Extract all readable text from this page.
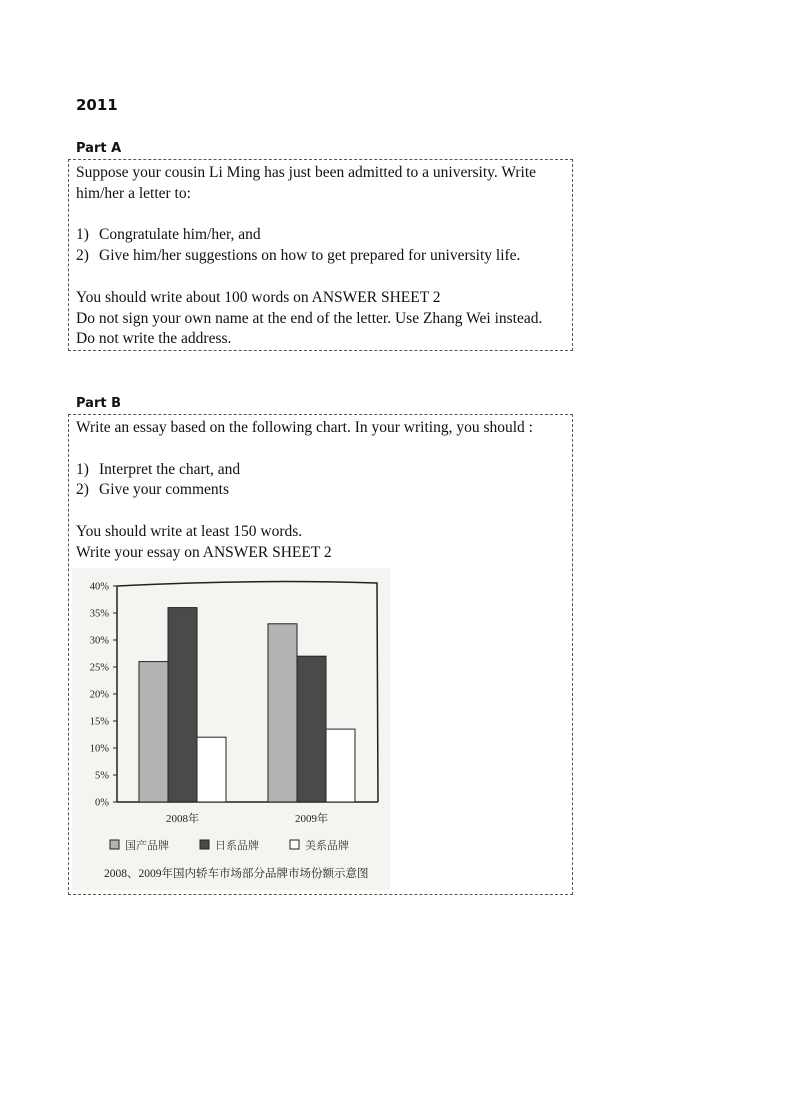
2011
Part A

Suppose your cousin Li Ming has just been admitted to a university. Write

him/her a letter to:

1) Congratulate him/her, and

2) Give him/her suggestions on how to get prepared for university life.

You should write about 100 words on ANSWER SHEET 2

Do not sign your own name at the end of the letter. Use Zhang Wei instead.

Do not write the address.

Part B

Write an essay based on the following chart. In your writing, you should :

1) Interpret the chart, and

2) Give your comments

You should write at least 150 words.

Write your essay on ANSWER SHEET 2

0%
5%
10%
15%
20%
25%
30%
35%
40%
2008年	2009年
国产品牌	日系品牌	美系品牌
2008、2009年国内轿车市场部分品牌市场份额示意图
